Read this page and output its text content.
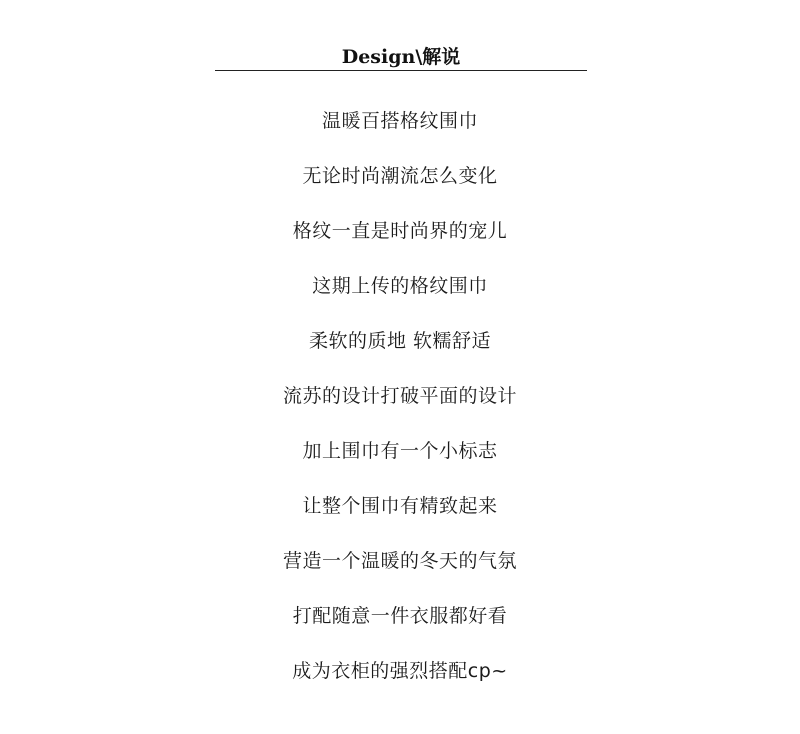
Design\解说
温暖百搭格纹围巾
无论时尚潮流怎么变化
格纹一直是时尚界的宠儿
这期上传的格纹围巾
柔软的质地 软糯舒适
流苏的设计打破平面的设计
加上围巾有一个小标志
让整个围巾有精致起来
营造一个温暖的冬天的气氛
打配随意一件衣服都好看
成为衣柜的强烈搭配cp~
